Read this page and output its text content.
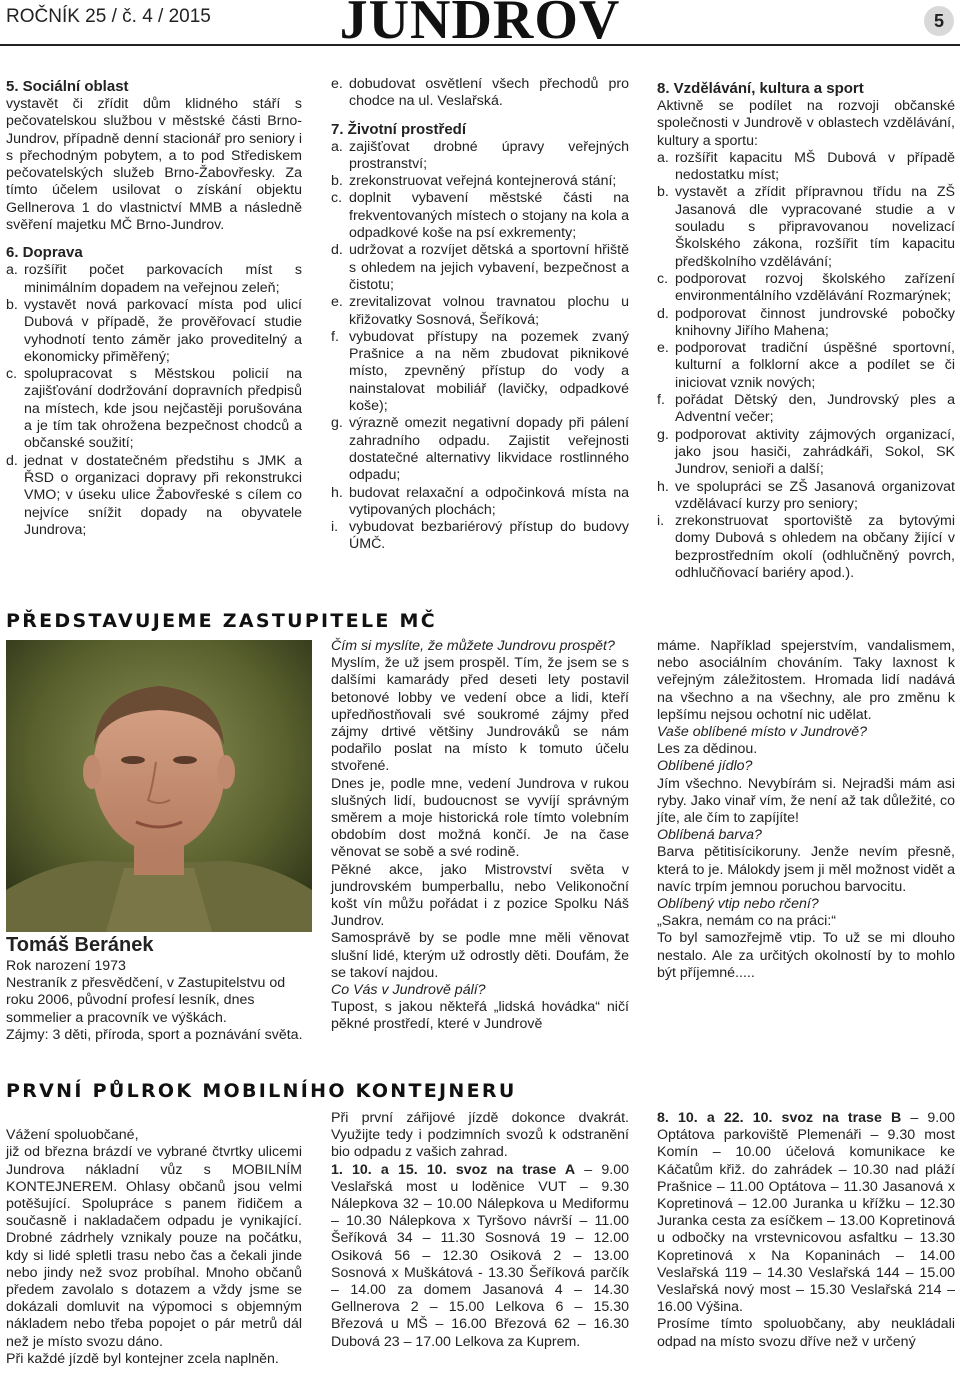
ROČNÍK 25 / č. 4 / 2015	JUNDROV	5
5. Sociální oblast

vystavět či zřídit dům klidného stáří s pečovatelskou službou v městské části Brno-Jundrov, případně denní stacionář pro seniory i s přechodným pobytem, a to pod Střediskem pečovatelských služeb Brno-Žabovřesky. Za tímto účelem usilovat o získání objektu Gellnerova 1 do vlastnictví MMB a následně svěření majetku MČ Brno-Jundrov.

6. Doprava
a. rozšířit počet parkovacích míst s minimálním dopadem na veřejnou zeleň;
b. vystavět nová parkovací místa pod ulicí Dubová v případě, že prověřovací studie vyhodnotí tento záměr jako proveditelný a ekonomicky přiměřený;
c. spolupracovat s Městskou policií na zajišťování dodržování dopravních předpisů na místech, kde jsou nejčastěji porušována a je tím tak ohrožena bezpečnost chodců a občanské soužití;
d. jednat v dostatečném předstihu s JMK a ŘSD o organizaci dopravy při rekonstrukci VMO; v úseku ulice Žabovřeské s cílem co nejvíce snížit dopady na obyvatele Jundrova;
e. dobudovat osvětlení všech přechodů pro chodce na ul. Veslařská.
7. Životní prostředí
a. zajišťovat drobné úpravy veřejných prostranství;
b. zrekonstruovat veřejná kontejnerová stání;
c. doplnit vybavení městské části na frekventovaných místech o stojany na kola a odpadkové koše na psí exkrementy;
d. udržovat a rozvíjet dětská a sportovní hřiště s ohledem na jejich vybavení, bezpečnost a čistotu;
e. zrevitalizovat volnou travnatou plochu u křižovatky Sosnová, Šeříková;
f. vybudovat přístupy na pozemek zvaný Prašnice a na něm zbudovat piknikové místo, zpevněný přístup do vody a nainstalovat mobiliář (lavičky, odpadkové koše);
g. výrazně omezit negativní dopady při pálení zahradního odpadu. Zajistit veřejnosti dostatečné alternativy likvidace rostlinného odpadu;
h. budovat relaxační a odpočinková místa na vytipovaných plochách;
i. vybudovat bezbariérový přístup do budovy ÚMČ.
8. Vzdělávání, kultura a sport

Aktivně se podílet na rozvoji občanské společnosti v Jundrově v oblastech vzdělávání, kultury a sportu:

a. rozšířit kapacitu MŠ Dubová v případě nedostatku míst;
b. vystavět a zřídit přípravnou třídu na ZŠ Jasanová dle vypracované studie a v souladu s připravovanou novelizací Školského zákona, rozšířit tím kapacitu předškolního vzdělávání;
c. podporovat rozvoj školského zařízení environmentálního vzdělávání Rozmarýnek;
d. podporovat činnost jundrovské pobočky knihovny Jiřího Mahena;
e. podporovat tradiční úspěšné sportovní, kulturní a folklorní akce a podílet se či iniciovat vznik nových;
f. pořádat Dětský den, Jundrovský ples a Adventní večer;
g. podporovat aktivity zájmových organizací, jako jsou hasiči, zahrádkáři, Sokol, SK Jundrov, senioři a další;
h. ve spolupráci se ZŠ Jasanová organizovat vzdělávací kurzy pro seniory;
i. zrekonstruovat sportoviště za bytovými domy Dubová s ohledem na občany žijící v bezprostředním okolí (odhlučněný povrch, odhlučňovací bariéry apod.).
PŘEDSTAVUJEME ZASTUPITELE MČ
Tomáš Beránek

Rok narození 1973

Nestraník z přesvědčení, v Zastupitelstvu od roku 2006, původní profesí lesník, dnes sommelier a pracovník ve výškách.

Zájmy: 3 děti, příroda, sport a poznávání světa.

Čím si myslíte, že můžete Jundrovu prospět?

Myslím, že už jsem prospěl. Tím, že jsem se s dalšími kamarády před deseti lety postavil betonové lobby ve vedení obce a lidi, kteří upředňostňovali své soukromé zájmy před zájmy drtivé většiny Jundrováků se nám podařilo poslat na místo k tomuto účelu stvořené.

Dnes je, podle mne, vedení Jundrova v rukou slušných lidí, budoucnost se vyvíjí správným směrem a moje historická role tímto volebním obdobím dost možná končí. Je na čase věnovat se sobě a své rodině.

Pěkné akce, jako Mistrovství světa v jundrovském bumperballu, nebo Velikonoční košt vín můžu pořádat i z pozice Spolku Náš Jundrov.

Samosprávě by se podle mne měli věnovat slušní lidé, kterým už odrostly děti. Doufám, že se takoví najdou.

Co Vás v Jundrově pálí?

Tupost, s jakou někteřá „lidská hovádka“ ničí pěkné prostředí, které v Jundrově

máme. Například spejerstvím, vandalismem, nebo asociálním chováním. Taky laxnost k veřejným záležitostem. Hromada lidí nadává na všechno a na všechny, ale pro změnu k lepšímu nejsou ochotní nic udělat.

Vaše oblíbené místo v Jundrově?

Les za dědinou.

Oblíbené jídlo?

Jím všechno. Nevybírám si. Nejradši mám asi ryby. Jako vinař vím, že není až tak důležité, co jíte, ale čím to zapíjíte!

Oblíbená barva?

Barva pětitisícikoruny. Jenže nevím přesně, která to je. Málokdy jsem ji měl možnost vidět a navíc trpím jemnou poruchou barvocitu.

Oblíbený vtip nebo rčení?

„Sakra, nemám co na práci:“

To byl samozřejmě vtip. To už se mi dlouho nestalo. Ale za určitých okolností by to mohlo být příjemné.....

PRVNÍ PŮLROK MOBILNÍHO KONTEJNERU

Vážení spoluobčané,
již od března brázdí ve vybrané čtvrtky ulicemi Jundrova nákladní vůz s MOBILNÍM KONTEJNEREM. Ohlasy občanů jsou velmi potěšující. Spolupráce s panem řidičem a současně i nakladačem odpadu je vynikající. Drobné zádrhely vznikaly pouze na počátku, kdy si lidé spletli trasu nebo čas a čekali jinde nebo jindy než svoz probíhal. Mnoho občanů předem zavolalo s dotazem a vždy jsme se dokázali domluvit na výpomoci s objemným nákladem nebo třeba popojet o pár metrů dál než je místo svozu dáno.
Při každé jízdě byl kontejner zcela naplněn.

Při první zářijové jízdě dokonce dvakrát. Využijte tedy i podzimních svozů k odstranění bio odpadu z vašich zahrad.

1. 10. a 15. 10. svoz na trase A – 9.00 Veslařská most u loděnice VUT – 9.30 Nálepkova 32 – 10.00 Nálepkova u Mediformu – 10.30 Nálepkova x Tyršovo návrší – 11.00 Šeříková 34 – 11.30 Sosnová 19 – 12.00 Osiková 56 – 12.30 Osiková 2 – 13.00 Sosnová x Muškátová - 13.30 Šeříková parčík – 14.00 za domem Jasanová 4 – 14.30 Gellnerova 2 – 15.00 Lelkova 6 – 15.30 Březová u MŠ – 16.00 Březová 62 – 16.30 Dubová 23 – 17.00 Lelkova za Kuprem.

8. 10. a 22. 10. svoz na trase B – 9.00 Optátova parkoviště Plemenáři – 9.30 most Komín – 10.00 účelová komunikace ke Káčatům křiž. do zahrádek – 10.30 nad pláží Prašnice – 11.00 Optátova – 11.30 Jasanová x Kopretinová – 12.00 Juranka u křížku – 12.30 Juranka cesta za esíčkem – 13.00 Kopretinová u odbočky na vrstevnicovou asfaltku – 13.30 Kopretinová x Na Kopaninách – 14.00 Veslařská 119 – 14.30 Veslařská 144 – 15.00 Veslařská nový most – 15.30 Veslařská 214 – 16.00 Výšina.

Prosíme tímto spoluobčany, aby neukládali odpad na místo svozu dříve než v určený
